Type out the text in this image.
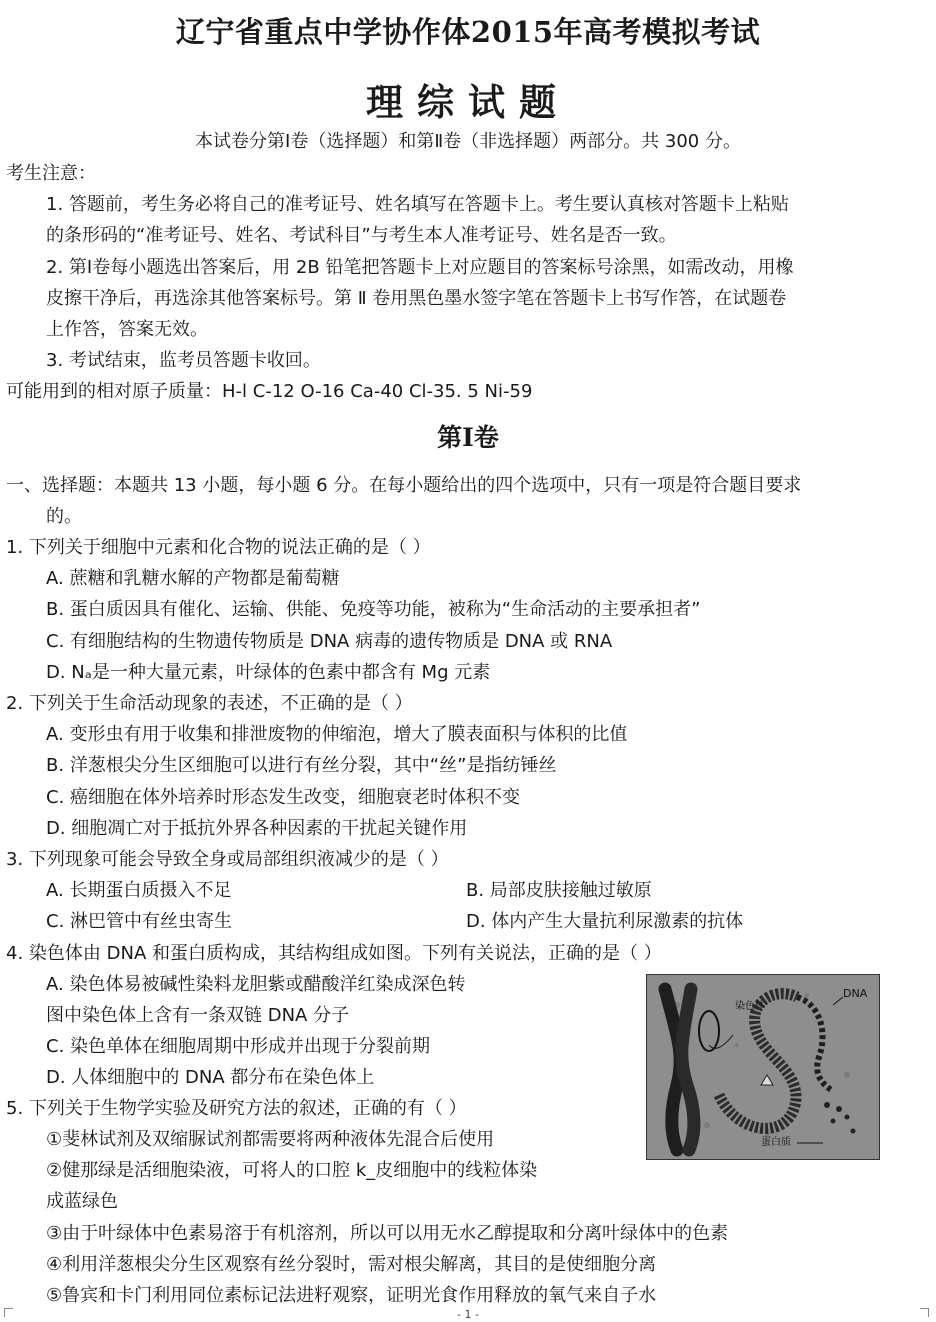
辽宁省重点中学协作体2015年高考模拟考试
理综试题
本试卷分第Ⅰ卷（选择题）和第Ⅱ卷（非选择题）两部分。共 300 分。
考生注意：
1. 答题前，考生务必将自己的准考证号、姓名填写在答题卡上。考生要认真核对答题卡上粘贴
的条形码的“准考证号、姓名、考试科目”与考生本人准考证号、姓名是否一致。
2. 第Ⅰ卷每小题选出答案后，用 2B 铅笔把答题卡上对应题目的答案标号涂黑，如需改动，用橡
皮擦干净后，再选涂其他答案标号。第 Ⅱ 卷用黑色墨水签字笔在答题卡上书写作答，在试题卷
上作答，答案无效。
3. 考试结束，监考员答题卡收回。
可能用到的相对原子质量：H-l C-12 O-16 Ca-40 Cl-35. 5 Ni-59
第Ⅰ卷
一、选择题：本题共 13 小题，每小题 6 分。在每小题给出的四个选项中，只有一项是符合题目要求
的。
1. 下列关于细胞中元素和化合物的说法正确的是（ ）
A. 蔗糖和乳糖水解的产物都是葡萄糖
B. 蛋白质因具有催化、运输、供能、免疫等功能，被称为“生命活动的主要承担者”
C. 有细胞结构的生物遗传物质是 DNA 病毒的遗传物质是 DNA 或 RNA
D. Nₐ是一种大量元素，叶绿体的色素中都含有 Mg 元素
2. 下列关于生命活动现象的表述，不正确的是（ ）
A. 变形虫有用于收集和排泄废物的伸缩泡，增大了膜表面积与体积的比值
B. 洋葱根尖分生区细胞可以进行有丝分裂，其中“丝”是指纺锤丝
C. 癌细胞在体外培养时形态发生改变，细胞衰老时体积不变
D. 细胞凋亡对于抵抗外界各种因素的干扰起关键作用
3. 下列现象可能会导致全身或局部组织液减少的是（ ）
A. 长期蛋白质摄入不足	B. 局部皮肤接触过敏原
C. 淋巴管中有丝虫寄生	D. 体内产生大量抗利尿激素的抗体
4. 染色体由 DNA 和蛋白质构成，其结构组成如图。下列有关说法，正确的是（ ）
A. 染色体易被碱性染料龙胆紫或醋酸洋红染成深色转
图中染色体上含有一条双链 DNA 分子
C. 染色单体在细胞周期中形成并出现于分裂前期
D. 人体细胞中的 DNA 都分布在染色体上
染色体
DNA
蛋白质
5. 下列关于生物学实验及研究方法的叙述，正确的有（ ）
①斐林试剂及双缩脲试剂都需要将两种液体先混合后使用
②健那绿是活细胞染液，可将人的口腔 k_皮细胞中的线粒体染
成蓝绿色
③由于叶绿体中色素易溶于有机溶剂，所以可以用无水乙醇提取和分离叶绿体中的色素
④利用洋葱根尖分生区观察有丝分裂时，需对根尖解离，其目的是使细胞分离
⑤鲁宾和卡门利用同位素标记法进籽观察，证明光食作用释放的氧气来自子水
- 1 -
